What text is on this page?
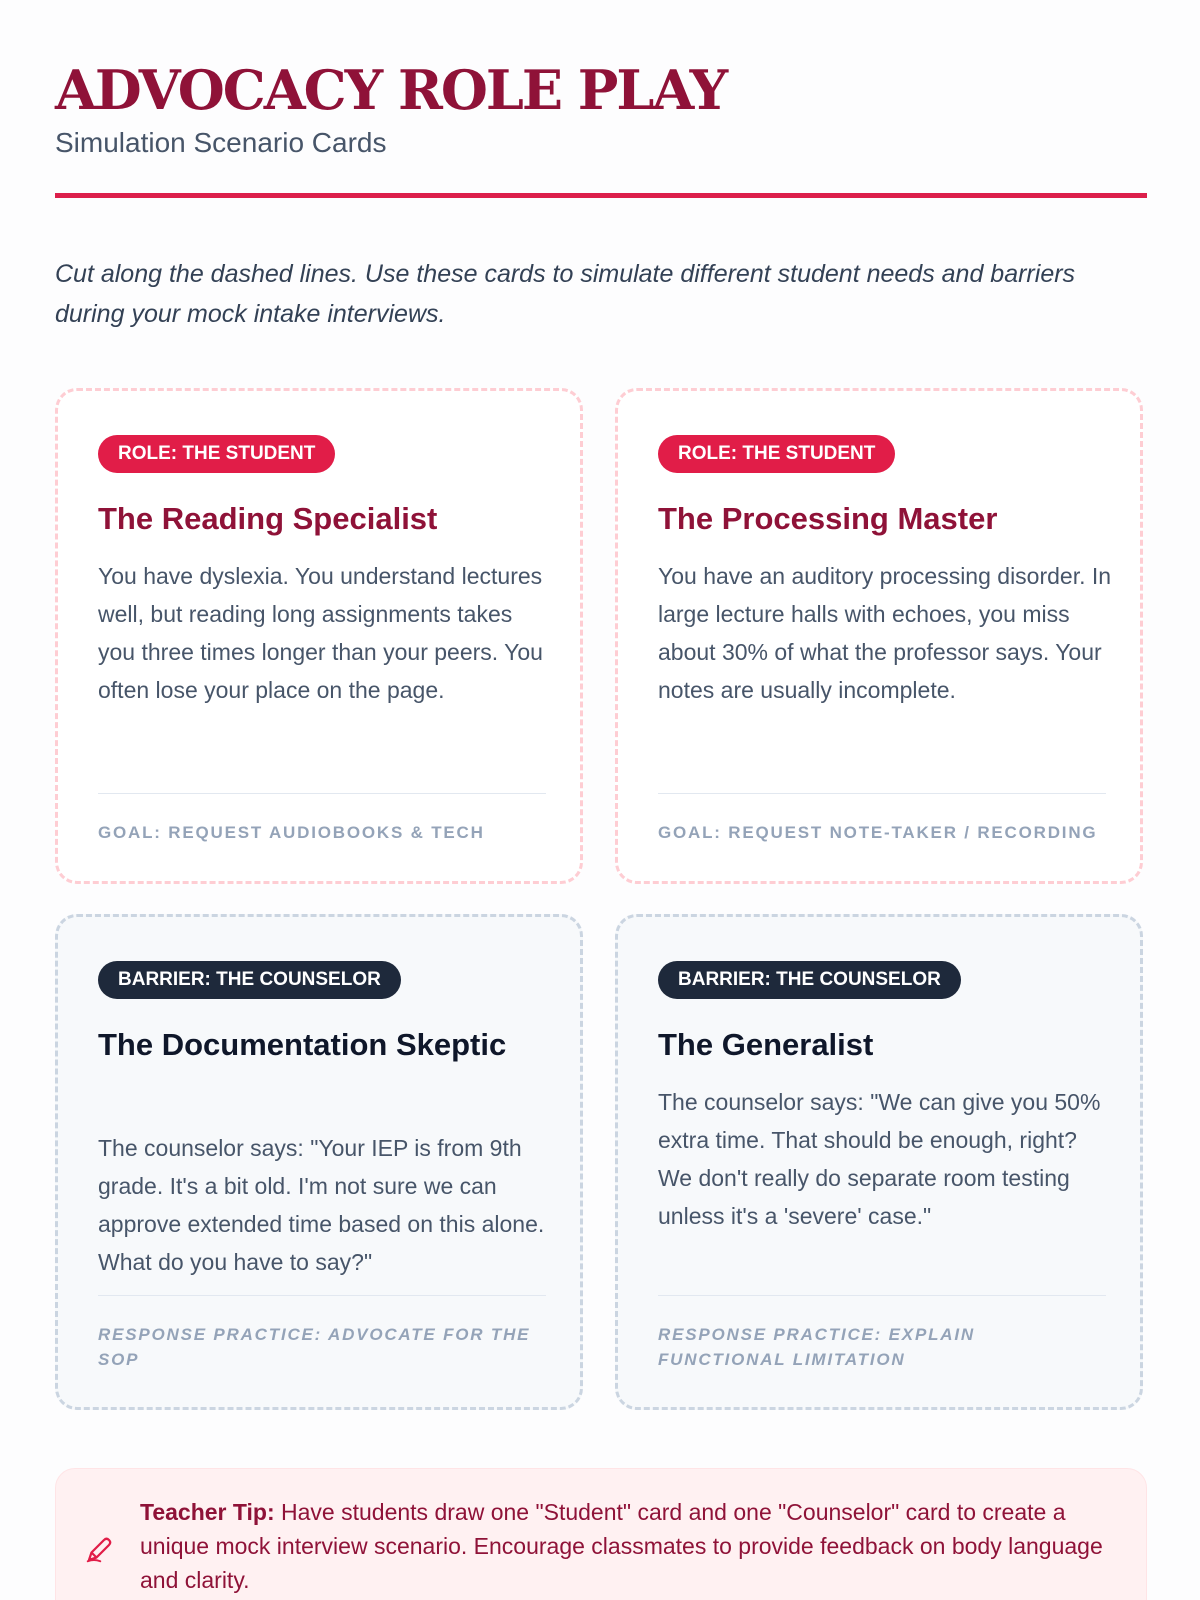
ADVOCACY ROLE PLAY
Simulation Scenario Cards

Cut along the dashed lines. Use these cards to simulate different student needs and barriers during your mock intake interviews.

ROLE: THE STUDENT
The Reading Specialist

You have dyslexia. You understand lectures well, but reading long assignments takes you three times longer than your peers. You often lose your place on the page.

GOAL: REQUEST AUDIOBOOKS & TECH
ROLE: THE STUDENT
The Processing Master

You have an auditory processing disorder. In large lecture halls with echoes, you miss about 30% of what the professor says. Your notes are usually incomplete.

GOAL: REQUEST NOTE-TAKER / RECORDING
BARRIER: THE COUNSELOR
The Documentation Skeptic

The counselor says: "Your IEP is from 9th grade. It's a bit old. I'm not sure we can approve extended time based on this alone. What do you have to say?"

RESPONSE PRACTICE: ADVOCATE FOR THE SOP
BARRIER: THE COUNSELOR
The Generalist

The counselor says: "We can give you 50% extra time. That should be enough, right? We don't really do separate room testing unless it's a 'severe' case."

RESPONSE PRACTICE: EXPLAIN FUNCTIONAL LIMITATION

Teacher Tip: Have students draw one "Student" card and one "Counselor" card to create a unique mock interview scenario. Encourage classmates to provide feedback on body language and clarity.
